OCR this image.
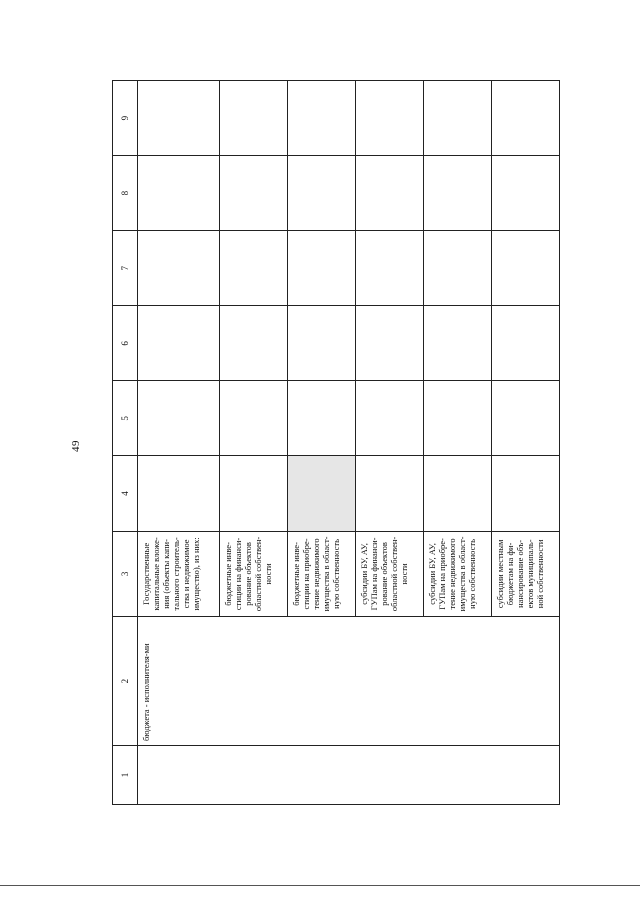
49
1	2	3	4	5	6	7	8	9
	бюджета - исполнителя-ми	Государственные капитальные вложе-ния (объекты капи-тального строитель-ства и недвижимое имущество), из них:						
		бюджетные инве-стиции на финанси-рование объектов областной собствен-ности						
		бюджетные инве-стиции на приобре-тение недвижимого имущества в област-ную собственность						
		субсидии БУ, АУ, ГУПам на финанси-рование объектов областной собствен-ности						
		субсидии БУ, АУ, ГУПам на приобре-тение недвижимого имущества в област-ную собственность						
		субсидии местным бюджетам на фи-нансирование объ-ектов муниципаль-ной собственности						
